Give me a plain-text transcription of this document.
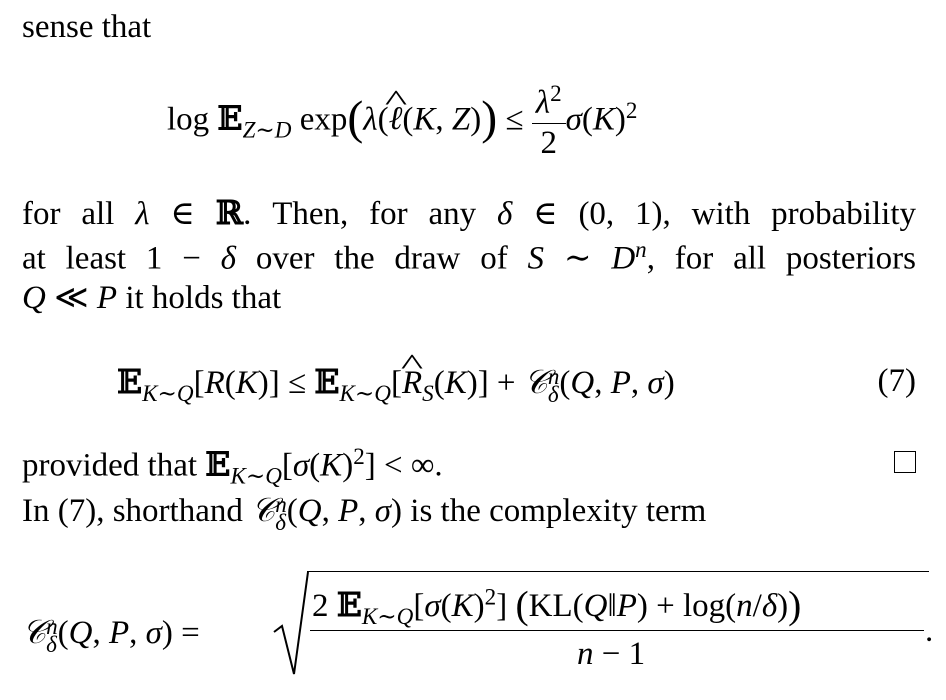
sense that
log 𝔼$_{Z\sim D}$ exp(λ(^ ℓ(K, $Z)) \le \frac{\lambda^2}{2} \sigma(K)^2$
for all λ ∈ ℝ. Then, for any δ ∈ (0, 1), with probability
at least 1 − δ over the draw of S ∼ $D^n$, for all posteriors
Q ≪ P it holds that
𝔼$_{K\sim Q}$[R(K)] ≤ 𝔼$_{K\sim Q}$[^ $R_S(K)$] + 𝒞 n
δ (Q, P, σ)	(7)
provided that $𝔼_{K\sim Q}[\sigma(K)^2]$ < ∞.
In (7), shorthand 𝒞 n
δ (Q, P, σ) is the complexity term
𝒞 n
δ (Q, P, σ) =
2 $𝔼_{K\sim Q}[\sigma(K)^2]$ (KL(Q‖P) + log(n/δ))
n − 1
.
